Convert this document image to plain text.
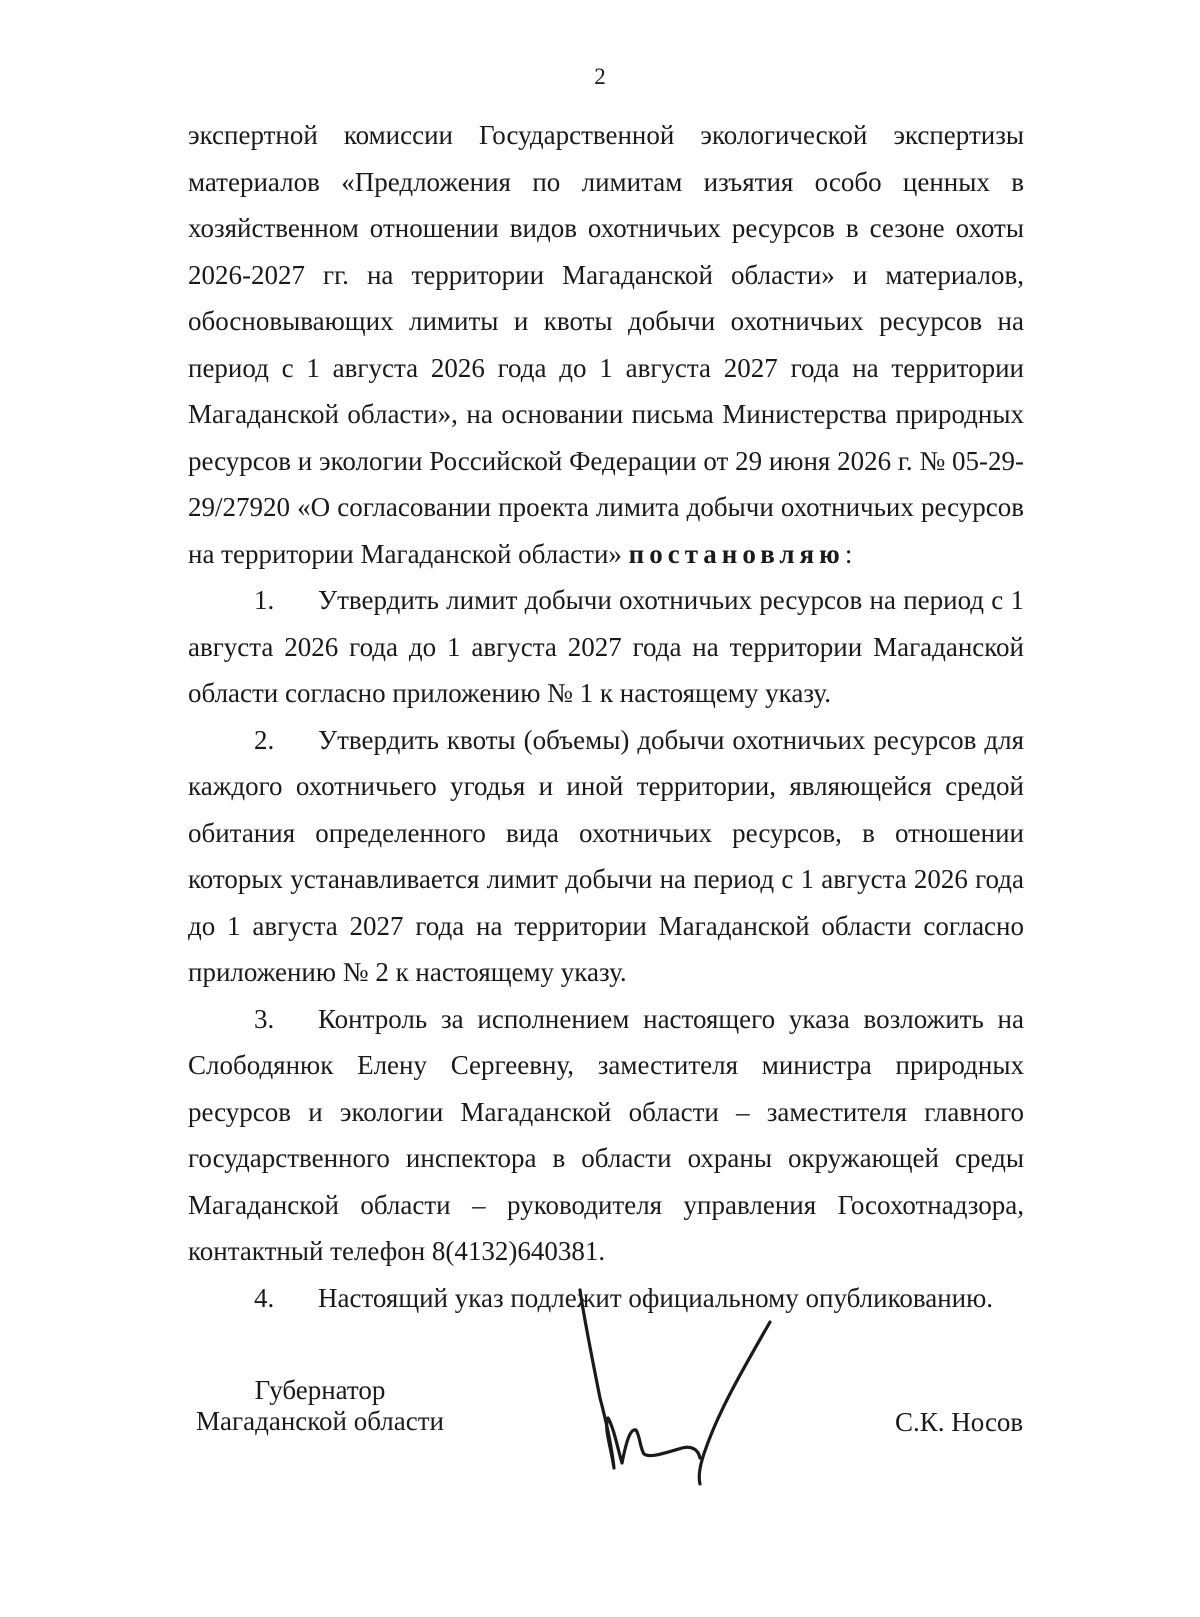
2

экспертной комиссии Государственной экологической экспертизы материалов «Предложения по лимитам изъятия особо ценных в хозяйственном отношении видов охотничьих ресурсов в сезоне охоты 2026-2027 гг. на территории Магаданской области» и материалов, обосновывающих лимиты и квоты добычи охотничьих ресурсов на период с 1 августа 2026 года до 1 августа 2027 года на территории Магаданской области», на основании письма Министерства природных ресурсов и экологии Российской Федерации от 29 июня 2026 г. № 05-29-29/27920 «О согласовании проекта лимита добычи охотничьих ресурсов на территории Магаданской области» постановляю:

1. Утвердить лимит добычи охотничьих ресурсов на период с 1 августа 2026 года до 1 августа 2027 года на территории Магаданской области согласно приложению № 1 к настоящему указу.

2. Утвердить квоты (объемы) добычи охотничьих ресурсов для каждого охотничьего угодья и иной территории, являющейся средой обитания определенного вида охотничьих ресурсов, в отношении которых устанавливается лимит добычи на период с 1 августа 2026 года до 1 августа 2027 года на территории Магаданской области согласно приложению № 2 к настоящему указу.

3. Контроль за исполнением настоящего указа возложить на Слободянюк Елену Сергеевну, заместителя министра природных ресурсов и экологии Магаданской области – заместителя главного государственного инспектора в области охраны окружающей среды Магаданской области – руководителя управления Госохотнадзора, контактный телефон 8(4132)640381.

4. Настоящий указ подлежит официальному опубликованию.

Губернатор
Магаданской области	С.К. Носов
